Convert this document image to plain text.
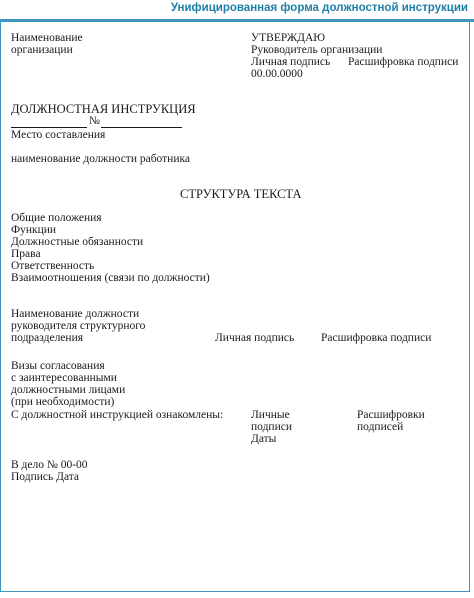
Унифицированная форма должностной инструкции
Наименование
организации
УТВЕРЖДАЮ
Руководитель организации
Личная подпись Расшифровка подписи
00.00.0000
ДОЛЖНОСТНАЯ ИНСТРУКЦИЯ
№
Место составления
наименование должности работника
СТРУКТУРА ТЕКСТА
Общие положения
Функции
Должностные обязанности
Права
Ответственность
Взаимоотношения (связи по должности)
Наименование должности
руководителя структурного
подразделения	Личная подпись Расшифровка подписи
Визы согласования
с заинтересованными
должностными лицами
(при необходимости)
С должностной инструкцией ознакомлены: Личные
подписи
Даты
Расшифровки
подписей
В дело № 00-00
Подпись Дата
